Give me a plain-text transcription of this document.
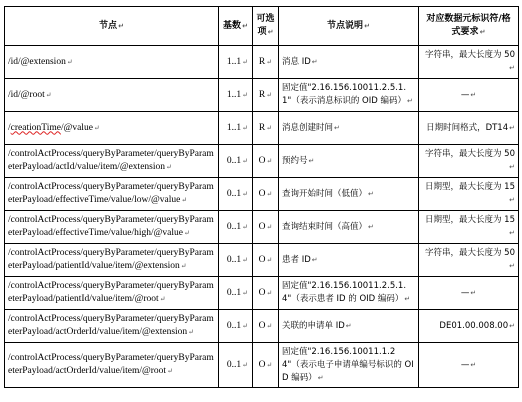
节点↵	基数↵	可选项↵	节点说明↵	对应数据元标识符/格式要求↵
/id/@extension↵	1..1↵	R↵	消息 ID↵	字符串，最大长度为 50↵
/id/@root↵	1..1↵	R↵	固定值"2.16.156.10011.2.5.1.1"（表示消息标识的 OID 编码）↵	—↵
/creationTime/@value↵	1..1↵	R↵	消息创建时间↵	日期时间格式，DT14↵
/controlActProcess/queryByParameter/queryByParameterPayload/actId/value/item/@extension↵	0..1↵	O↵	预约号↵	字符串，最大长度为 50↵
/controlActProcess/queryByParameter/queryByParameterPayload/effectiveTime/value/low/@value↵	0..1↵	O↵	查询开始时间（低值）↵	日期型，最大长度为 15↵
/controlActProcess/queryByParameter/queryByParameterPayload/effectiveTime/value/high/@value↵	0..1↵	O↵	查询结束时间（高值）↵	日期型，最大长度为 15↵
/controlActProcess/queryByParameter/queryByParameterPayload/patientId/value/item/@extension↵	0..1↵	O↵	患者 ID↵	字符串，最大长度为 50↵
/controlActProcess/queryByParameter/queryByParameterPayload/patientId/value/item/@root↵	0..1↵	O↵	固定值"2.16.156.10011.2.5.1.4"（表示患者 ID 的 OID 编码）↵	—↵
/controlActProcess/queryByParameter/queryByParameterPayload/actOrderId/value/item/@extension↵	0..1↵	O↵	关联的申请单 ID↵	DE01.00.008.00↵
/controlActProcess/queryByParameter/queryByParameterPayload/actOrderId/value/item/@root↵	0..1↵	O↵	固定值"2.16.156.10011.1.24"（表示电子申请单编号标识的 OID 编码）↵	—↵
